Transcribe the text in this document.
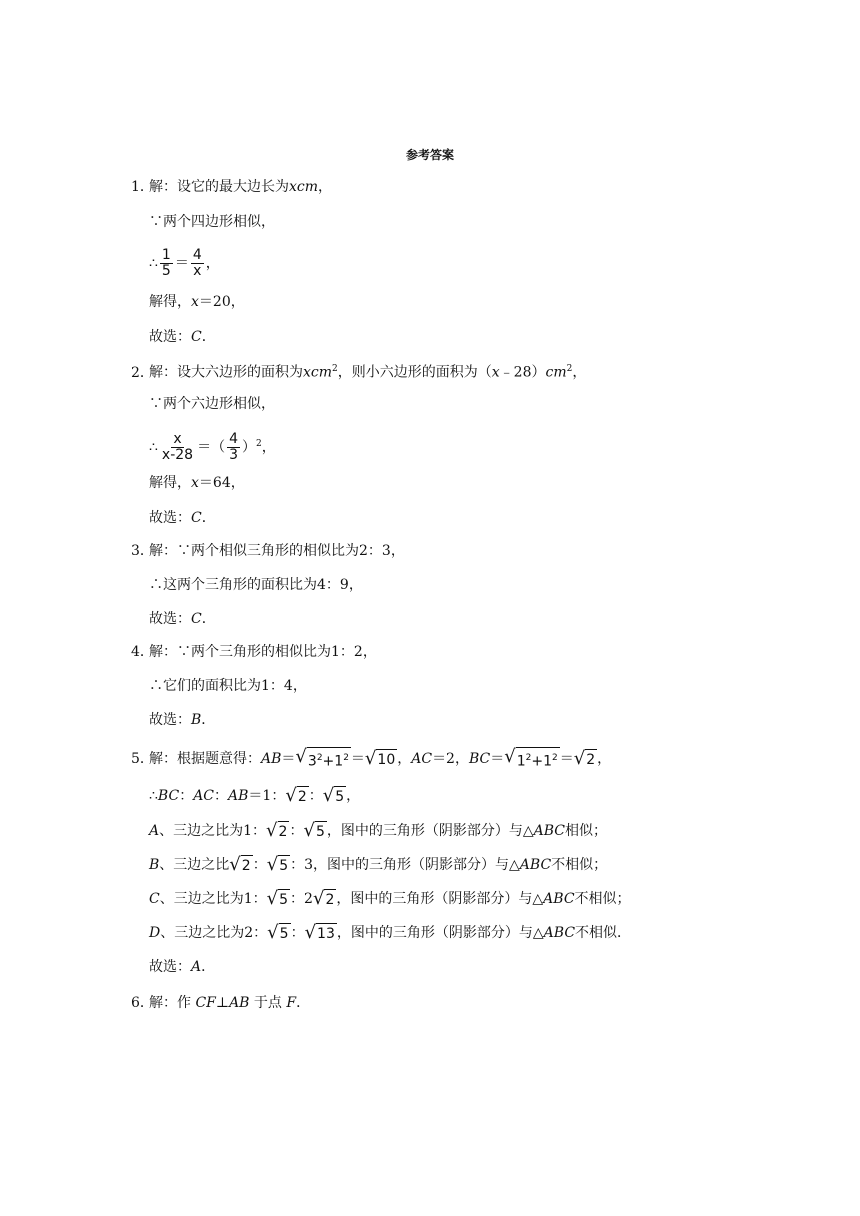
参考答案
1．解：设它的最大边长为xcm，
∵两个四边形相似，
∴ $\frac{1}{5} = \frac{4}{x}$ ，
解得，x＝20，
故选：C．
2．解：设大六边形的面积为xcm$^2$，则小六边形的面积为$(x﹣28)cm^2$，
∵两个六边形相似，
∴ $\frac{x}{x-28}$ ＝（ $\frac{4}{3} )^2$，
解得，x＝64，
故选：C．
3．解：∵两个相似三角形的相似比为2：3，
∴这两个三角形的面积比为4：9，
故选：C．
4．解：∵两个三角形的相似比为1：2，
∴它们的面积比为1：4，
故选：B．
5．解：根据题意得：AB＝ √ $3^2+1^2$ ＝ √ 10 ，AC＝2，BC＝ √ $1^2+1^2$ ＝ √ 2 ，
∴BC：AC：AB＝1： √ 2 ： √ 5 ，
A、三边之比为1： √ 2 ： √ 5 ，图中的三角形（阴影部分）与△ABC相似；
B、三边之比 √ 2 ： √ 5 ：3，图中的三角形（阴影部分）与△ABC不相似；
C、三边之比为1： √ 5 ：2 √ 2 ，图中的三角形（阴影部分）与△ABC不相似；
D、三边之比为2： √ 5 ： √ 13 ，图中的三角形（阴影部分）与△ABC不相似．
故选：A．
6．解：作 CF⊥AB 于点 F．
